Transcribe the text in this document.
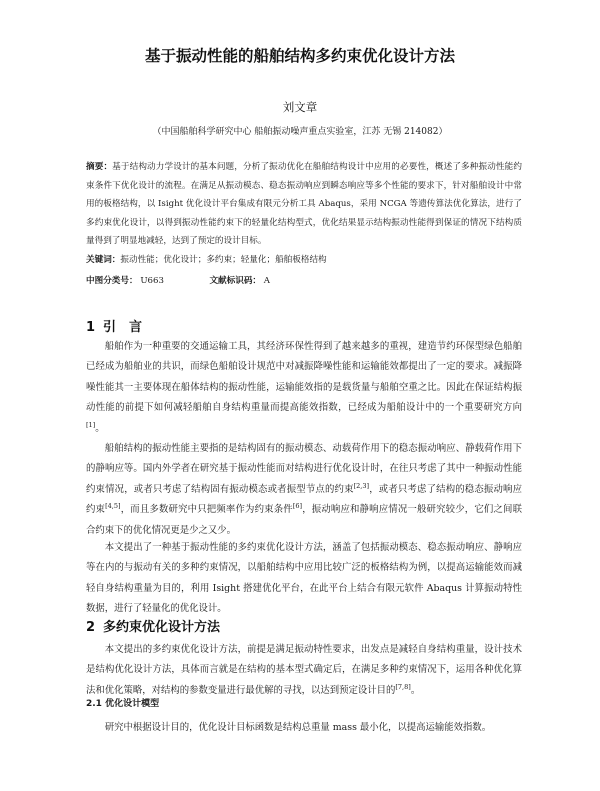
基于振动性能的船舶结构多约束优化设计方法
刘文章
（中国船舶科学研究中心 船舶振动噪声重点实验室，江苏 无锡 214082）
摘要：基于结构动力学设计的基本问题，分析了振动优化在船舶结构设计中应用的必要性，概述了多种振动性能约束条件下优化设计的流程。在满足从振动模态、稳态振动响应到瞬态响应等多个性能的要求下，针对船舶设计中常用的板格结构，以 Isight 优化设计平台集成有限元分析工具 Abaqus，采用 NCGA 等遗传算法优化算法，进行了多约束优化设计，以得到振动性能约束下的轻量化结构型式，优化结果显示结构振动性能得到保证的情况下结构质量得到了明显地减轻，达到了预定的设计目标。
关键词：振动性能；优化设计；多约束；轻量化；船舶板格结构
中图分类号： U663	文献标识码： A
1 引　言

船舶作为一种重要的交通运输工具，其经济环保性得到了越来越多的重视，建造节约环保型绿色船舶已经成为船舶业的共识，而绿色船舶设计规范中对减振降噪性能和运输能效都提出了一定的要求。减振降噪性能其一主要体现在船体结构的振动性能，运输能效指的是载货量与船舶空重之比。因此在保证结构振动性能的前提下如何减轻船舶自身结构重量而提高能效指数，已经成为船舶设计中的一个重要研究方向[1]。

船舶结构的振动性能主要指的是结构固有的振动模态、动载荷作用下的稳态振动响应、静载荷作用下的静响应等。国内外学者在研究基于振动性能而对结构进行优化设计时，在往只考虑了其中一种振动性能约束情况，或者只考虑了结构固有振动模态或者振型节点的约束[2,3]，或者只考虑了结构的稳态振动响应约束[4,5]，而且多数研究中只把频率作为约束条件[6]，振动响应和静响应情况一般研究较少，它们之间联合约束下的优化情况更是少之又少。

本文提出了一种基于振动性能的多约束优化设计方法，涵盖了包括振动模态、稳态振动响应、静响应等在内的与振动有关的多种约束情况，以船舶结构中应用比较广泛的板格结构为例，以提高运输能效而减轻自身结构重量为目的，利用 Isight 搭建优化平台，在此平台上结合有限元软件 Abaqus 计算振动特性数据，进行了轻量化的优化设计。

2 多约束优化设计方法

本文提出的多约束优化设计方法，前提是满足振动特性要求，出发点是减轻自身结构重量，设计技术是结构优化设计方法，具体而言就是在结构的基本型式确定后，在满足多种约束情况下，运用各种优化算法和优化策略，对结构的参数变量进行最优解的寻找，以达到预定设计目的[7,8]。

2.1 优化设计模型

研究中根据设计目的，优化设计目标函数是结构总重量 mass 最小化，以提高运输能效指数。
